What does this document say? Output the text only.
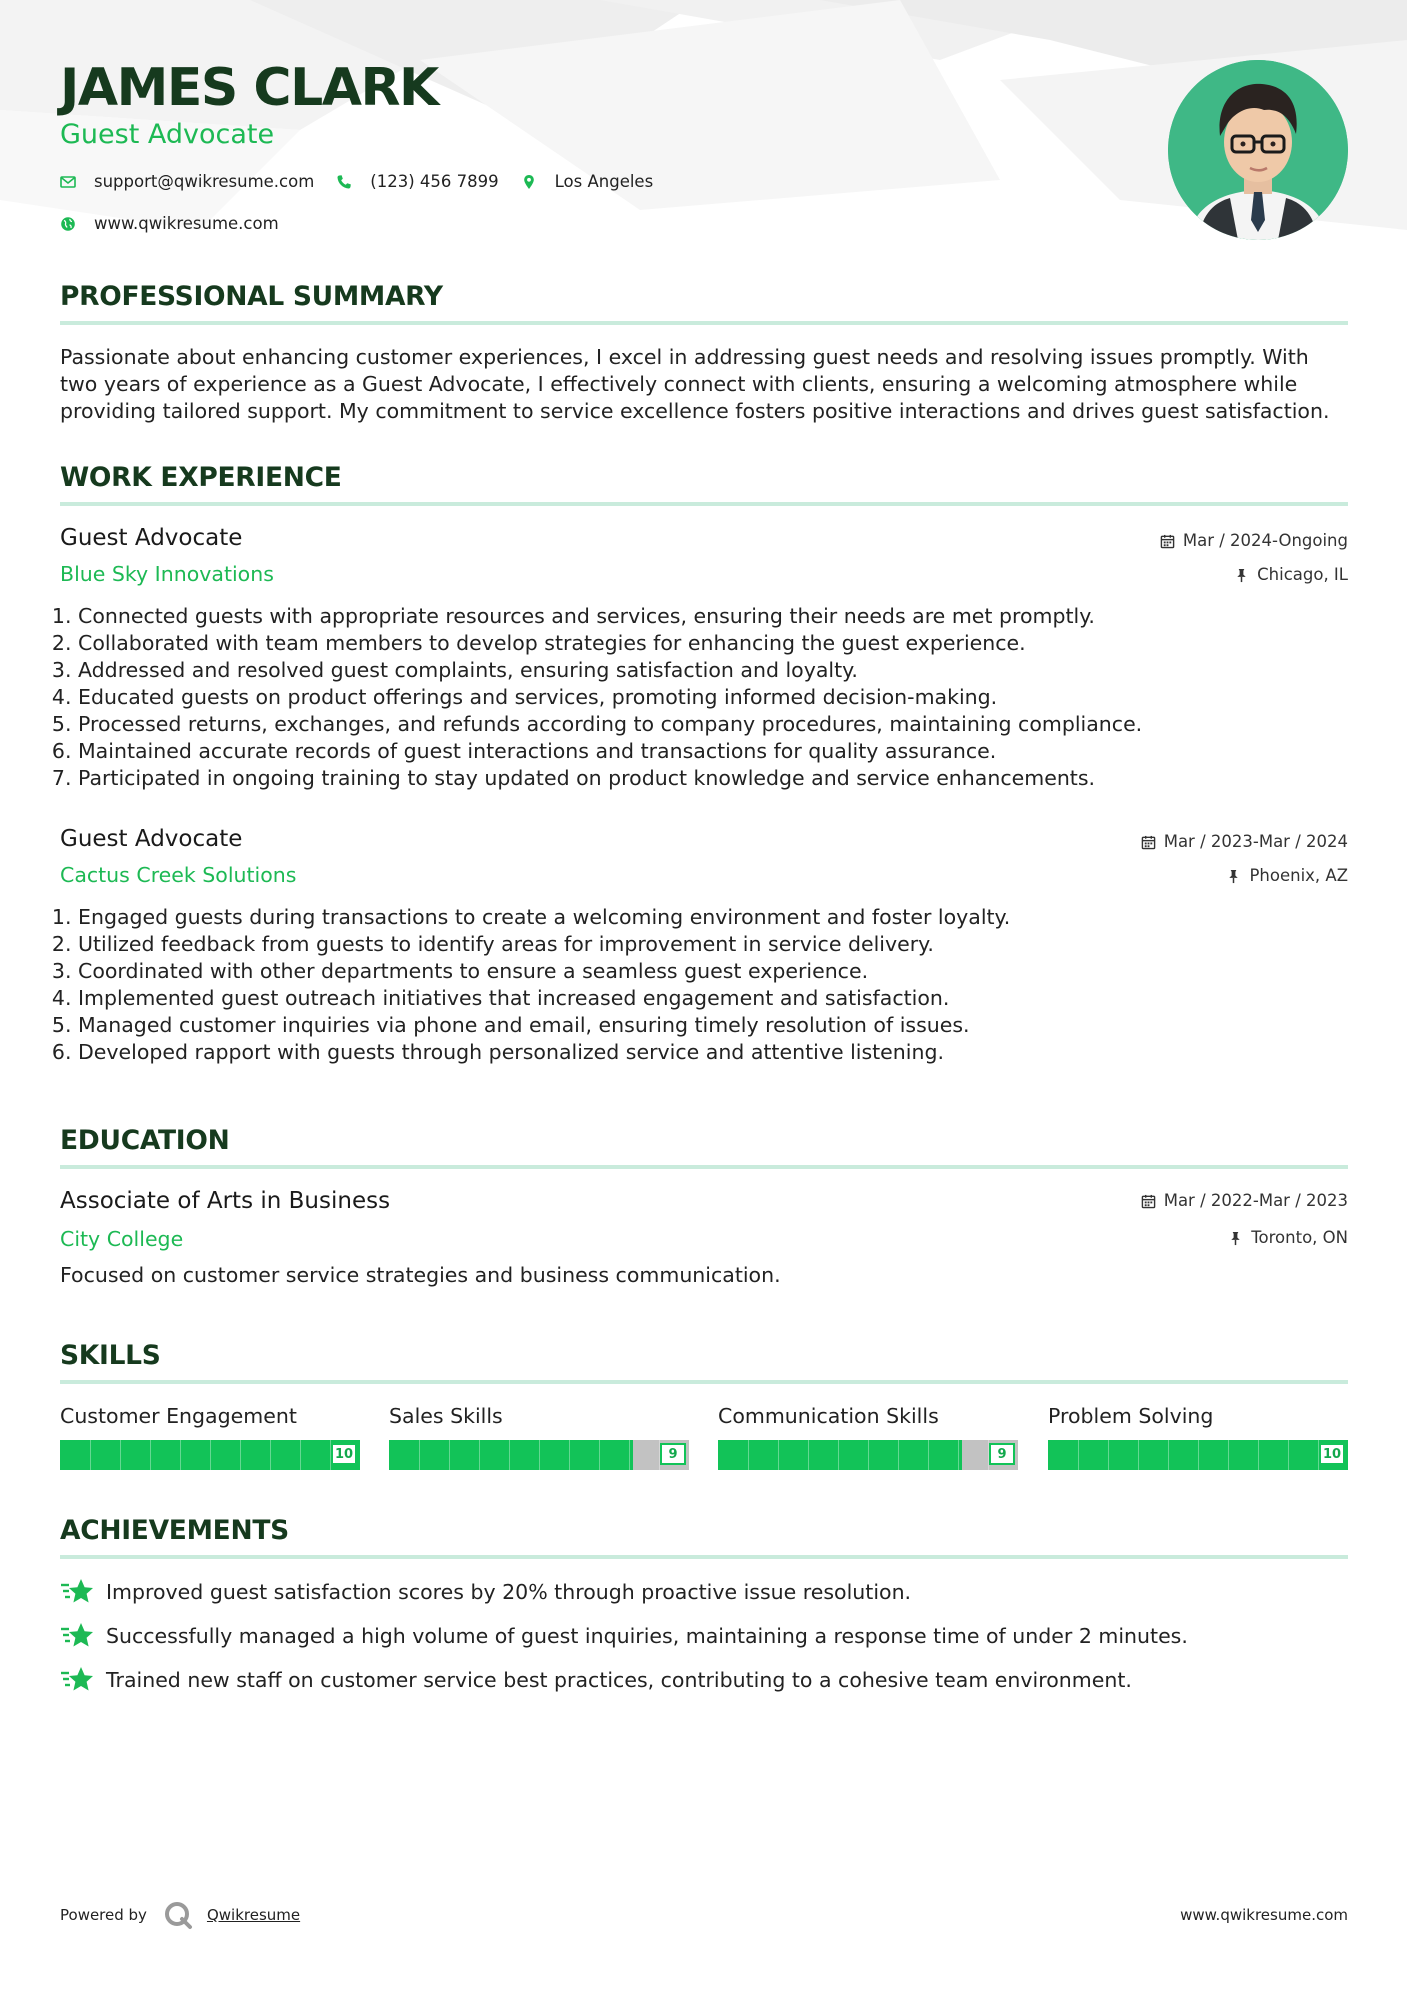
JAMES CLARK
Guest Advocate
support@qwikresume.com	(123) 456 7899	Los Angeles
www.qwikresume.com
PROFESSIONAL SUMMARY
Passionate about enhancing customer experiences, I excel in addressing guest needs and resolving issues promptly. With two years of experience as a Guest Advocate, I effectively connect with clients, ensuring a welcoming atmosphere while providing tailored support. My commitment to service excellence fosters positive interactions and drives guest satisfaction.
WORK EXPERIENCE
Guest Advocate
Blue Sky Innovations
Mar / 2024-Ongoing
Chicago, IL
1. Connected guests with appropriate resources and services, ensuring their needs are met promptly.
2. Collaborated with team members to develop strategies for enhancing the guest experience.
3. Addressed and resolved guest complaints, ensuring satisfaction and loyalty.
4. Educated guests on product offerings and services, promoting informed decision-making.
5. Processed returns, exchanges, and refunds according to company procedures, maintaining compliance.
6. Maintained accurate records of guest interactions and transactions for quality assurance.
7. Participated in ongoing training to stay updated on product knowledge and service enhancements.
Guest Advocate
Cactus Creek Solutions
Mar / 2023-Mar / 2024
Phoenix, AZ
1. Engaged guests during transactions to create a welcoming environment and foster loyalty.
2. Utilized feedback from guests to identify areas for improvement in service delivery.
3. Coordinated with other departments to ensure a seamless guest experience.
4. Implemented guest outreach initiatives that increased engagement and satisfaction.
5. Managed customer inquiries via phone and email, ensuring timely resolution of issues.
6. Developed rapport with guests through personalized service and attentive listening.
EDUCATION
Associate of Arts in Business
City College
Mar / 2022-Mar / 2023
Toronto, ON
Focused on customer service strategies and business communication.
SKILLS
Customer Engagement
10
Sales Skills
9
Communication Skills
9
Problem Solving
10
ACHIEVEMENTS
Improved guest satisfaction scores by 20% through proactive issue resolution.
Successfully managed a high volume of guest inquiries, maintaining a response time of under 2 minutes.
Trained new staff on customer service best practices, contributing to a cohesive team environment.
Powered by	Qwikresume	www.qwikresume.com
